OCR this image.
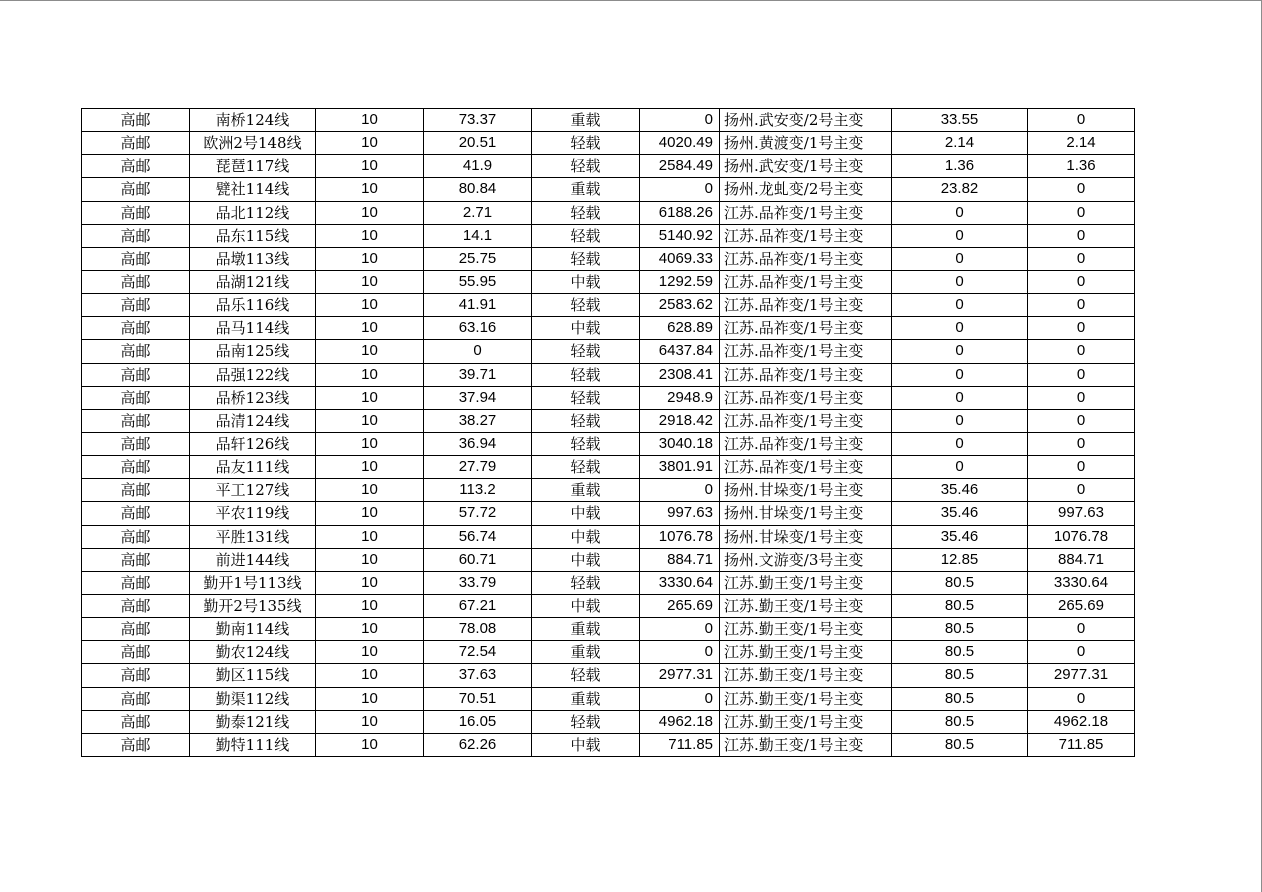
高邮	南桥124线	10	73.37	重载	0	扬州.武安变/2号主变	33.55	0
高邮	欧洲2号148线	10	20.51	轻载	4020.49	扬州.黄渡变/1号主变	2.14	2.14
高邮	琵琶117线	10	41.9	轻载	2584.49	扬州.武安变/1号主变	1.36	1.36
高邮	甓社114线	10	80.84	重载	0	扬州.龙虬变/2号主变	23.82	0
高邮	品北112线	10	2.71	轻载	6188.26	江苏.品祚变/1号主变	0	0
高邮	品东115线	10	14.1	轻载	5140.92	江苏.品祚变/1号主变	0	0
高邮	品墩113线	10	25.75	轻载	4069.33	江苏.品祚变/1号主变	0	0
高邮	品湖121线	10	55.95	中载	1292.59	江苏.品祚变/1号主变	0	0
高邮	品乐116线	10	41.91	轻载	2583.62	江苏.品祚变/1号主变	0	0
高邮	品马114线	10	63.16	中载	628.89	江苏.品祚变/1号主变	0	0
高邮	品南125线	10	0	轻载	6437.84	江苏.品祚变/1号主变	0	0
高邮	品强122线	10	39.71	轻载	2308.41	江苏.品祚变/1号主变	0	0
高邮	品桥123线	10	37.94	轻载	2948.9	江苏.品祚变/1号主变	0	0
高邮	品清124线	10	38.27	轻载	2918.42	江苏.品祚变/1号主变	0	0
高邮	品轩126线	10	36.94	轻载	3040.18	江苏.品祚变/1号主变	0	0
高邮	品友111线	10	27.79	轻载	3801.91	江苏.品祚变/1号主变	0	0
高邮	平工127线	10	113.2	重载	0	扬州.甘垛变/1号主变	35.46	0
高邮	平农119线	10	57.72	中载	997.63	扬州.甘垛变/1号主变	35.46	997.63
高邮	平胜131线	10	56.74	中载	1076.78	扬州.甘垛变/1号主变	35.46	1076.78
高邮	前进144线	10	60.71	中载	884.71	扬州.文游变/3号主变	12.85	884.71
高邮	勤开1号113线	10	33.79	轻载	3330.64	江苏.勤王变/1号主变	80.5	3330.64
高邮	勤开2号135线	10	67.21	中载	265.69	江苏.勤王变/1号主变	80.5	265.69
高邮	勤南114线	10	78.08	重载	0	江苏.勤王变/1号主变	80.5	0
高邮	勤农124线	10	72.54	重载	0	江苏.勤王变/1号主变	80.5	0
高邮	勤区115线	10	37.63	轻载	2977.31	江苏.勤王变/1号主变	80.5	2977.31
高邮	勤渠112线	10	70.51	重载	0	江苏.勤王变/1号主变	80.5	0
高邮	勤泰121线	10	16.05	轻载	4962.18	江苏.勤王变/1号主变	80.5	4962.18
高邮	勤特111线	10	62.26	中载	711.85	江苏.勤王变/1号主变	80.5	711.85
